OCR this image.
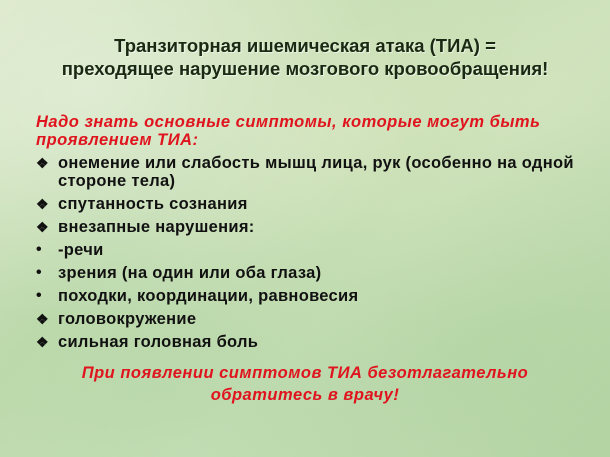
Транзиторная ишемическая атака (ТИА) =
преходящее нарушение мозгового кровообращения!
Надо знать основные симптомы, которые могут быть проявлением ТИА:
❖ онемение или слабость мышц лица, рук (особенно на одной стороне тела)
❖ спутанность сознания
❖ внезапные нарушения:
• -речи
• зрения (на один или оба глаза)
• походки, координации, равновесия
❖ головокружение
❖ сильная головная боль
При появлении симптомов ТИА безотлагательно
обратитесь в врачу!
